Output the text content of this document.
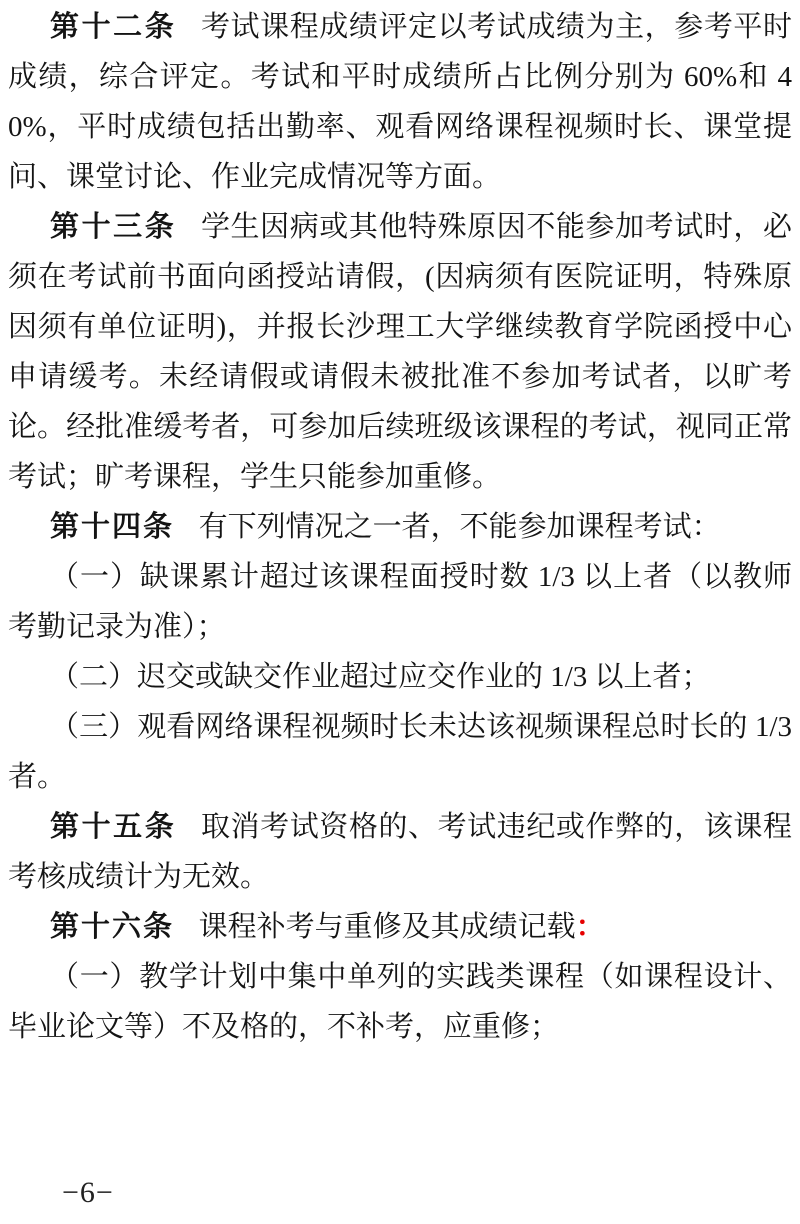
第十二条 考试课程成绩评定以考试成绩为主，参考平时成绩，综合评定。考试和平时成绩所占比例分别为 60%和 40%，平时成绩包括出勤率、观看网络课程视频时长、课堂提问、课堂讨论、作业完成情况等方面。

第十三条 学生因病或其他特殊原因不能参加考试时，必须在考试前书面向函授站请假，(因病须有医院证明，特殊原因须有单位证明)，并报长沙理工大学继续教育学院函授中心申请缓考。未经请假或请假未被批准不参加考试者，以旷考论。经批准缓考者，可参加后续班级该课程的考试，视同正常考试；旷考课程，学生只能参加重修。

第十四条 有下列情况之一者，不能参加课程考试：

（一）缺课累计超过该课程面授时数 1/3 以上者（以教师考勤记录为准）；

（二）迟交或缺交作业超过应交作业的 1/3 以上者；

（三）观看网络课程视频时长未达该视频课程总时长的 1/3 者。

第十五条 取消考试资格的、考试违纪或作弊的，该课程考核成绩计为无效。

第十六条 课程补考与重修及其成绩记载：

（一）教学计划中集中单列的实践类课程（如课程设计、毕业论文等）不及格的，不补考，应重修；

−6−
